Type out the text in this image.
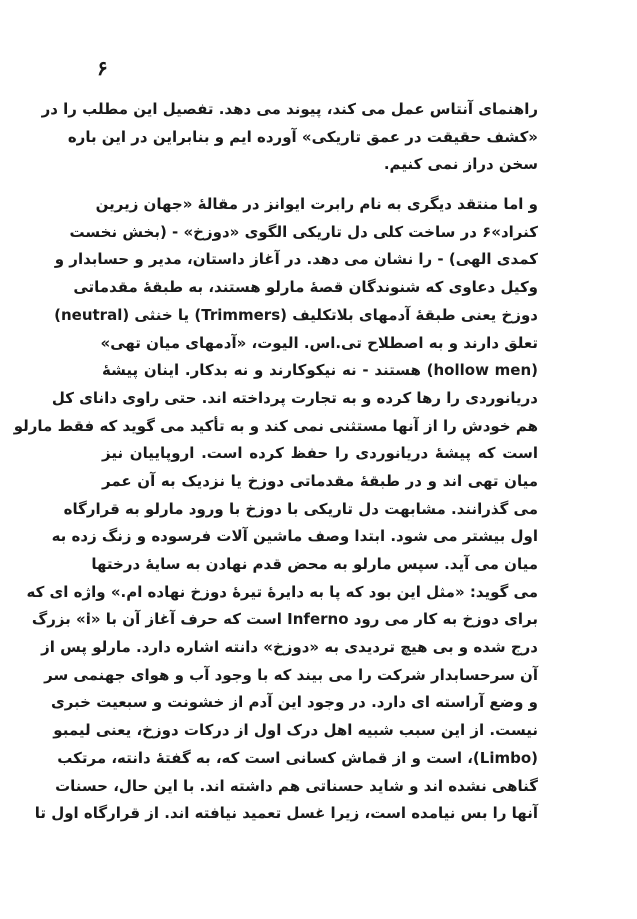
۶
راهنمای آنتاس عمل می کند، پیوند می دهد. تفصیل این مطلب را در
«کشف حقیقت در عمق تاریکی» آورده ایم و بنابراین در این باره
سخن دراز نمی کنیم.
و اما منتقد دیگری به نام رابرت ایوانز در مقالهٔ «جهان زیرین
کنراد»۶ در ساخت کلی دل تاریکی الگوی «دوزخ» - (بخش نخست
کمدی الهی) - را نشان می دهد. در آغاز داستان، مدیر و حسابدار و
وکیل دعاوی که شنوندگان قصهٔ مارلو هستند، به طبقهٔ مقدماتی
دوزخ یعنی طبقهٔ آدمهای بلاتکلیف (Trimmers) یا خنثی (neutral)
تعلق دارند و به اصطلاح تی.اس. الیوت، «آدمهای میان تهی»
(hollow men) هستند - نه نیکوکارند و نه بدکار. اینان پیشهٔ
دریانوردی را رها کرده و به تجارت پرداخته اند. حتی راوی دانای کل
هم خودش را از آنها مستثنی نمی کند و به تأکید می گوید که فقط مارلو
است که پیشهٔ دریانوردی را حفظ کرده است. اروپاییان نیز
میان تهی اند و در طبقهٔ مقدماتی دوزخ یا نزدیک به آن عمر
می گذرانند. مشابهت دل تاریکی با دوزخ با ورود مارلو به قرارگاه
اول بیشتر می شود. ابتدا وصف ماشین آلات فرسوده و زنگ زده به
میان می آید. سپس مارلو به محض قدم نهادن به سایهٔ درختها
می گوید: «مثل این بود که پا به دایرهٔ تیرهٔ دوزخ نهاده ام.» واژه ای که
برای دوزخ به کار می رود Inferno است که حرف آغاز آن با «i» بزرگ
درج شده و بی هیچ تردیدی به «دوزخ» دانته اشاره دارد. مارلو پس از
آن سرحسابدار شرکت را می بیند که با وجود آب و هوای جهنمی سر
و وضع آراسته ای دارد. در وجود این آدم از خشونت و سبعیت خبری
نیست. از این سبب شبیه اهل درک اول از درکات دوزخ، یعنی لیمبو
(Limbo)، است و از قماش کسانی است که، به گفتهٔ دانته، مرتکب
گناهی نشده اند و شاید حسناتی هم داشته اند. با این حال، حسنات
آنها را بس نیامده است، زیرا غسل تعمید نیافته اند. از قرارگاه اول تا
